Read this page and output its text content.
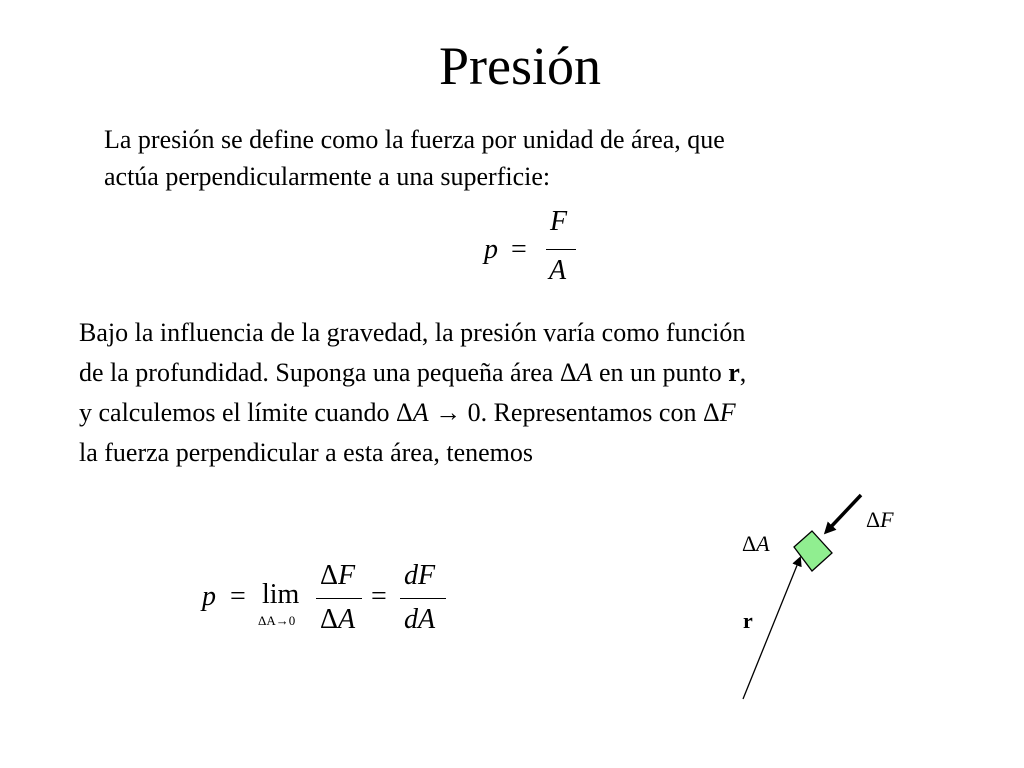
Presión
La presión se define como la fuerza por unidad de área, que
actúa perpendicularmente a una superficie:
p =
F
A
Bajo la influencia de la gravedad, la presión varía como función
de la profundidad. Suponga una pequeña área ΔA en un punto r,
y calculemos el límite cuando ΔA → 0. Representamos con ΔF
la fuerza perpendicular a esta área, tenemos
p = lim
ΔA→0
ΔF
ΔA
=
dF
dA
ΔF
ΔA
r
